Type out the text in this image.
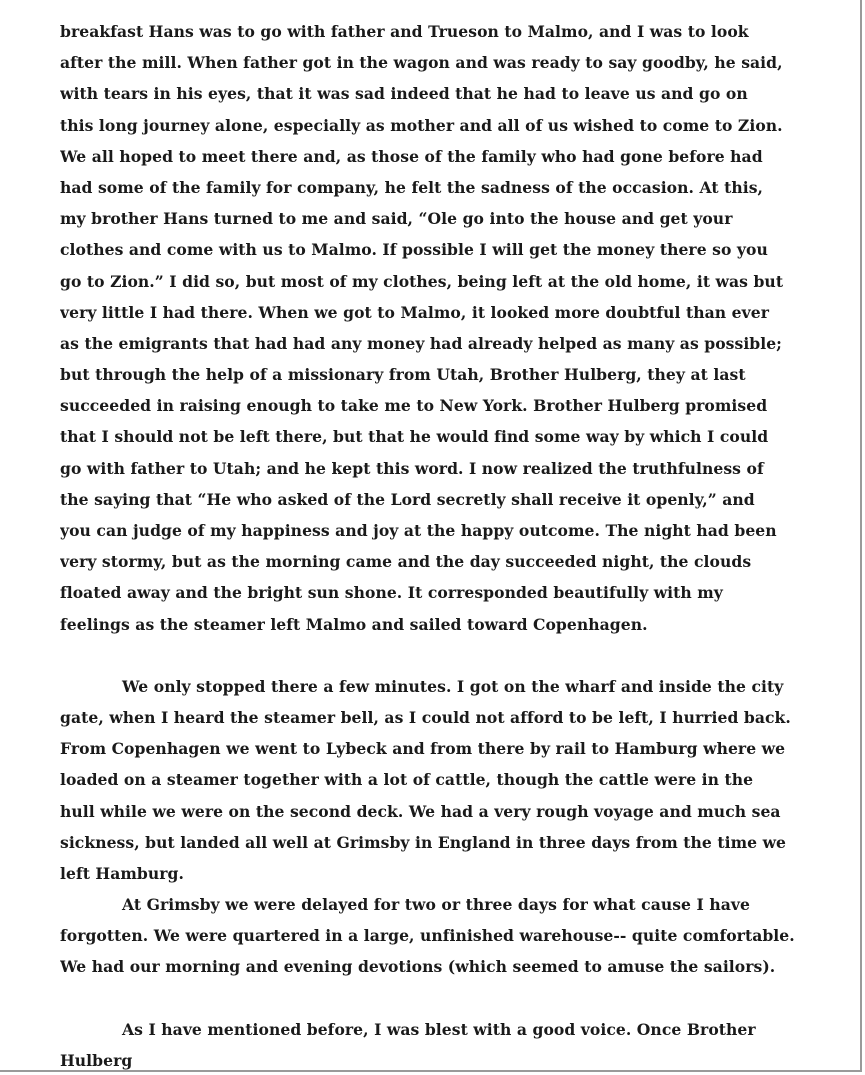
breakfast Hans was to go with father and Trueson to Malmo, and I was to look
after the mill. When father got in the wagon and was ready to say goodby, he said,
with tears in his eyes, that it was sad indeed that he had to leave us and go on
this long journey alone, especially as mother and all of us wished to come to Zion.
We all hoped to meet there and, as those of the family who had gone before had
had some of the family for company, he felt the sadness of the occasion. At this,
my brother Hans turned to me and said, “Ole go into the house and get your
clothes and come with us to Malmo. If possible I will get the money there so you
go to Zion.” I did so, but most of my clothes, being left at the old home, it was but
very little I had there. When we got to Malmo, it looked more doubtful than ever
as the emigrants that had had any money had already helped as many as possible;
but through the help of a missionary from Utah, Brother Hulberg, they at last
succeeded in raising enough to take me to New York. Brother Hulberg promised
that I should not be left there, but that he would find some way by which I could
go with father to Utah; and he kept this word. I now realized the truthfulness of
the saying that “He who asked of the Lord secretly shall receive it openly,” and
you can judge of my happiness and joy at the happy outcome. The night had been
very stormy, but as the morning came and the day succeeded night, the clouds
floated away and the bright sun shone. It corresponded beautifully with my
feelings as the steamer left Malmo and sailed toward Copenhagen.
We only stopped there a few minutes. I got on the wharf and inside the city
gate, when I heard the steamer bell, as I could not afford to be left, I hurried back.
From Copenhagen we went to Lybeck and from there by rail to Hamburg where we
loaded on a steamer together with a lot of cattle, though the cattle were in the
hull while we were on the second deck. We had a very rough voyage and much sea
sickness, but landed all well at Grimsby in England in three days from the time we
left Hamburg.
At Grimsby we were delayed for two or three days for what cause I have
forgotten. We were quartered in a large, unfinished warehouse-- quite comfortable.
We had our morning and evening devotions (which seemed to amuse the sailors).
As I have mentioned before, I was blest with a good voice. Once Brother
Hulberg
